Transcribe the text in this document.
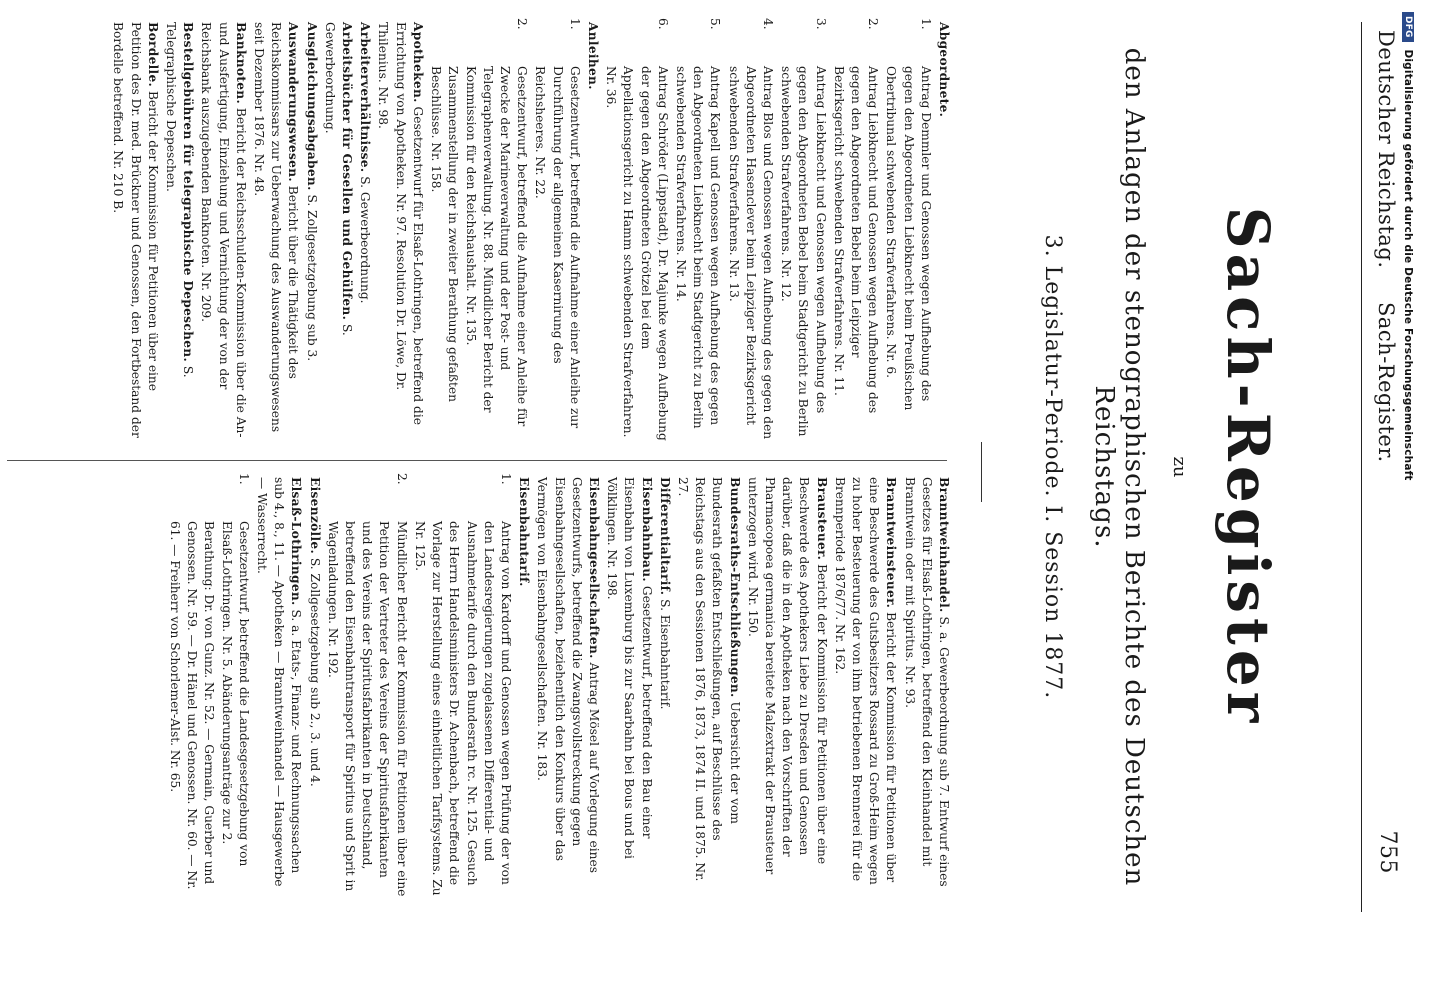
DFG Digitalisierung gefördert durch die Deutsche Forschungsgemeinschaft
Deutscher Reichstag.
Sach-Register.
755
Sach-Register
zu
den Anlagen der stenographischen Berichte des Deutschen Reichstags.
3. Legislatur-Periode. I. Session 1877.
Abgeordnete.
1.Antrag Demmler und Genossen wegen Aufhebung des gegen den Abgeordneten Liebknecht beim Preußischen Obertribunal schwebenden Strafverfahrens. Nr. 6.
2.Antrag Liebknecht und Genossen wegen Aufhebung des gegen den Abgeordneten Bebel beim Leipziger Bezirksgericht schwebenden Strafverfahrens. Nr. 11.
3.Antrag Liebknecht und Genossen wegen Aufhebung des gegen den Abgeordneten Bebel beim Stadtgericht zu Berlin schwebenden Strafverfahrens. Nr. 12.
4.Antrag Blos und Genossen wegen Aufhebung des gegen den Abgeordneten Hasenclever beim Leipziger Bezirksgericht schwebenden Strafverfahrens. Nr. 13.
5.Antrag Kapell und Genossen wegen Aufhebung des gegen den Abgeordneten Liebknecht beim Stadtgericht zu Berlin schwebenden Strafverfahrens. Nr. 14.
6.Antrag Schröder (Lippstadt), Dr. Majunke wegen Aufhebung der gegen den Abgeordneten Grötzel bei dem Appellationsgericht zu Hamm schwebenden Strafverfahren. Nr. 36.
Anleihen.
1.Gesetzentwurf, betreffend die Aufnahme einer Anleihe zur Durchführung der allgemeinen Kasernirung des Reichsheeres. Nr. 22.
2.Gesetzentwurf, betreffend die Aufnahme einer Anleihe für Zwecke der Marineverwaltung und der Post- und Telegraphenverwaltung. Nr. 88. Mündlicher Bericht der Kommission für den Reichshaushalt. Nr. 135. Zusammenstellung der in zweiter Berathung gefaßten Beschlüsse. Nr. 158.
Apotheken. Gesetzentwurf für Elsaß-Lothringen, betreffend die Errichtung von Apotheken. Nr. 97. Resolution Dr. Löwe, Dr. Thilenius. Nr. 98.
Arbeiterverhältnisse. S. Gewerbeordnung.
Arbeitsbücher für Gesellen und Gehülfen. S. Gewerbeordnung.
Ausgleichungsabgaben. S. Zollgesetzgebung sub 3.
Auswanderungswesen. Bericht über die Thätigkeit des Reichskommissars zur Ueberwachung des Auswanderungswesens seit Dezember 1876. Nr. 48.
Banknoten. Bericht der Reichsschulden-Kommission über die An- und Ausfertigung, Einziehung und Vernichtung der von der Reichsbank auszugebenden Banknoten. Nr. 209.
Bestellgebühren für telegraphische Depeschen. S. Telegraphische Depeschen.
Bordelle. Bericht der Kommission für Petitionen über eine Petition des Dr. med. Brückner und Genossen, den Fortbestand der Bordelle betreffend. Nr. 210 B.
Branntweinhandel. S. a. Gewerbeordnung sub 7. Entwurf eines Gesetzes für Elsaß-Lothringen, betreffend den Kleinhandel mit Branntwein oder mit Spiritus. Nr. 93.
Branntweinsteuer. Bericht der Kommission für Petitionen über eine Beschwerde des Gutsbesitzers Rossard zu Groß-Heim wegen zu hoher Besteuerung der von ihm betriebenen Brennerei für die Brennperiode 1876/77. Nr. 162.
Brausteuer. Bericht der Kommission für Petitionen über eine Beschwerde des Apothekers Liebe zu Dresden und Genossen darüber, daß die in den Apotheken nach den Vorschriften der Pharmacopoea germanica bereitete Malzextrakt der Brausteuer unterzogen wird. Nr. 150.
Bundesraths-Entschließungen. Uebersicht der vom Bundesrath gefaßten Entschließungen, auf Beschlüsse des Reichstags aus den Sessionen 1876, 1873, 1874 II. und 1875. Nr. 27.
Differentialtarif. S. Eisenbahntarif.
Eisenbahnbau. Gesetzentwurf, betreffend den Bau einer Eisenbahn von Luxemburg bis zur Saarbahn bei Bous und bei Völklingen. Nr. 198.
Eisenbahngesellschaften. Antrag Mösel auf Vorlegung eines Gesetzentwurfs, betreffend die Zwangsvollstreckung gegen Eisenbahngesellschaften, beziehentlich den Konkurs über das Vermögen von Eisenbahngesellschaften. Nr. 183.
Eisenbahntarif.
1.Antrag von Kardorff und Genossen wegen Prüfung der von den Landesregierungen zugelassenen Differential- und Ausnahmetarife durch den Bundesrath rc. Nr. 125. Gesuch des Herrn Handelsministers Dr. Achenbach, betreffend die Vorlage zur Herstellung eines einheitlichen Tarifsystems. Zu Nr. 125.
2.Mündlicher Bericht der Kommission für Petitionen über eine Petition der Vertreter des Vereins der Spiritusfabrikanten und des Vereins der Spiritusfabrikanten in Deutschland, betreffend den Eisenbahntransport für Spiritus und Sprit in Wagenladungen. Nr. 192.
Eisenzölle. S. Zollgesetzgebung sub 2., 3. und 4.
Elsaß-Lothringen. S. a. Etats-, Finanz- und Rechnungssachen sub 4., 8., 11. — Apotheken — Branntweinhandel — Hausgewerbe — Wasserrecht.
1.Gesetzentwurf, betreffend die Landesgesetzgebung von Elsaß-Lothringen. Nr. 5. Abänderungsanträge zur 2. Berathung: Dr. von Gunz. Nr. 52. — Germain, Guerber und Genossen. Nr. 59. — Dr. Hänel und Genossen. Nr. 60. — Nr. 61. — Freiherr von Schorlemer-Alst. Nr. 65.
